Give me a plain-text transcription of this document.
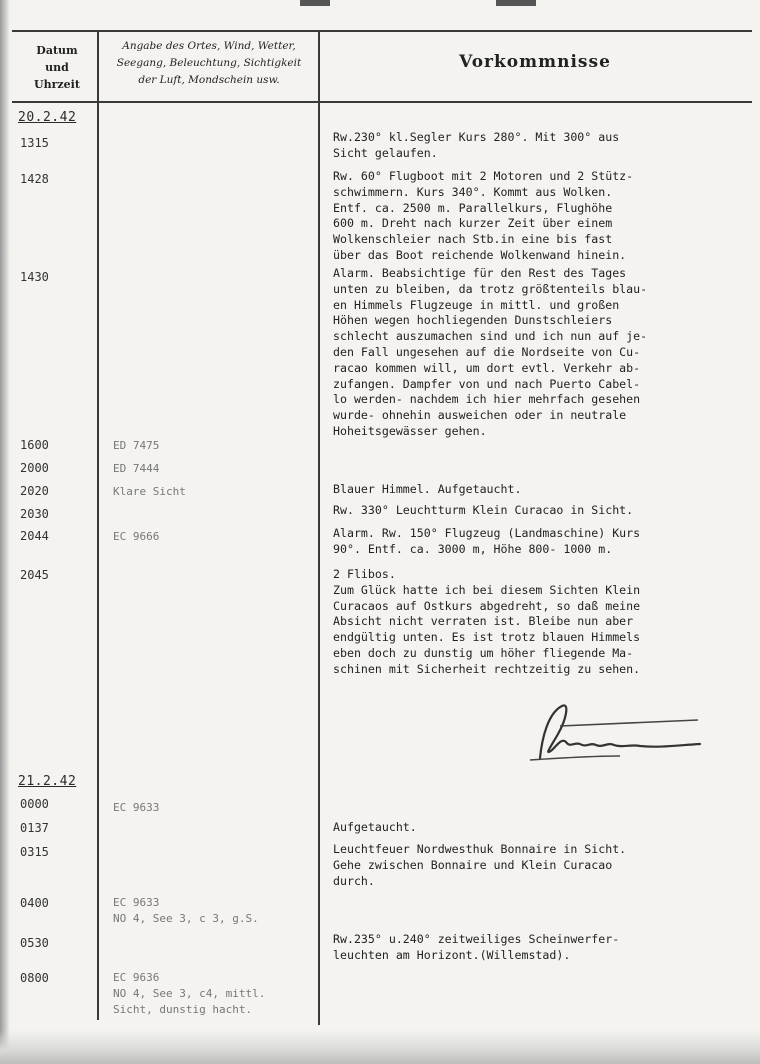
Datum
und
Uhrzeit
Angabe des Ortes, Wind, Wetter,
Seegang, Beleuchtung, Sichtigkeit
der Luft, Mondschein usw.
Vorkommnisse
20.2.42
21.2.42
1315
1428
1430
1600
2000
2020
2030
2044
2045
0000
0137
0315
0400
0530
0800
ED 7475
ED 7444
Klare Sicht
EC 9666
EC 9633
EC 9633
NO 4, See 3, c 3, g.S.
EC 9636
NO 4, See 3, c4, mittl.
Sicht, dunstig hacht.
Rw.230° kl.Segler Kurs 280°. Mit 300° aus
Sicht gelaufen.
Rw. 60° Flugboot mit 2 Motoren und 2 Stütz-
schwimmern. Kurs 340°. Kommt aus Wolken.
Entf. ca. 2500 m. Parallelkurs, Flughöhe
600 m. Dreht nach kurzer Zeit über einem
Wolkenschleier nach Stb.in eine bis fast
über das Boot reichende Wolkenwand hinein.
Alarm. Beabsichtige für den Rest des Tages
unten zu bleiben, da trotz größtenteils blau-
en Himmels Flugzeuge in mittl. und großen
Höhen wegen hochliegenden Dunstschleiers
schlecht auszumachen sind und ich nun auf je-
den Fall ungesehen auf die Nordseite von Cu-
racao kommen will, um dort evtl. Verkehr ab-
zufangen. Dampfer von und nach Puerto Cabel-
lo werden- nachdem ich hier mehrfach gesehen
wurde- ohnehin ausweichen oder in neutrale
Hoheitsgewässer gehen.
Blauer Himmel. Aufgetaucht.
Rw. 330° Leuchtturm Klein Curacao in Sicht.
Alarm. Rw. 150° Flugzeug (Landmaschine) Kurs
90°. Entf. ca. 3000 m, Höhe 800- 1000 m.
2 Flibos.
Zum Glück hatte ich bei diesem Sichten Klein
Curacaos auf Ostkurs abgedreht, so daß meine
Absicht nicht verraten ist. Bleibe nun aber
endgültig unten. Es ist trotz blauen Himmels
eben doch zu dunstig um höher fliegende Ma-
schinen mit Sicherheit rechtzeitig zu sehen.
Aufgetaucht.
Leuchtfeuer Nordwesthuk Bonnaire in Sicht.
Gehe zwischen Bonnaire und Klein Curacao
durch.
Rw.235° u.240° zeitweiliges Scheinwerfer-
leuchten am Horizont.(Willemstad).
